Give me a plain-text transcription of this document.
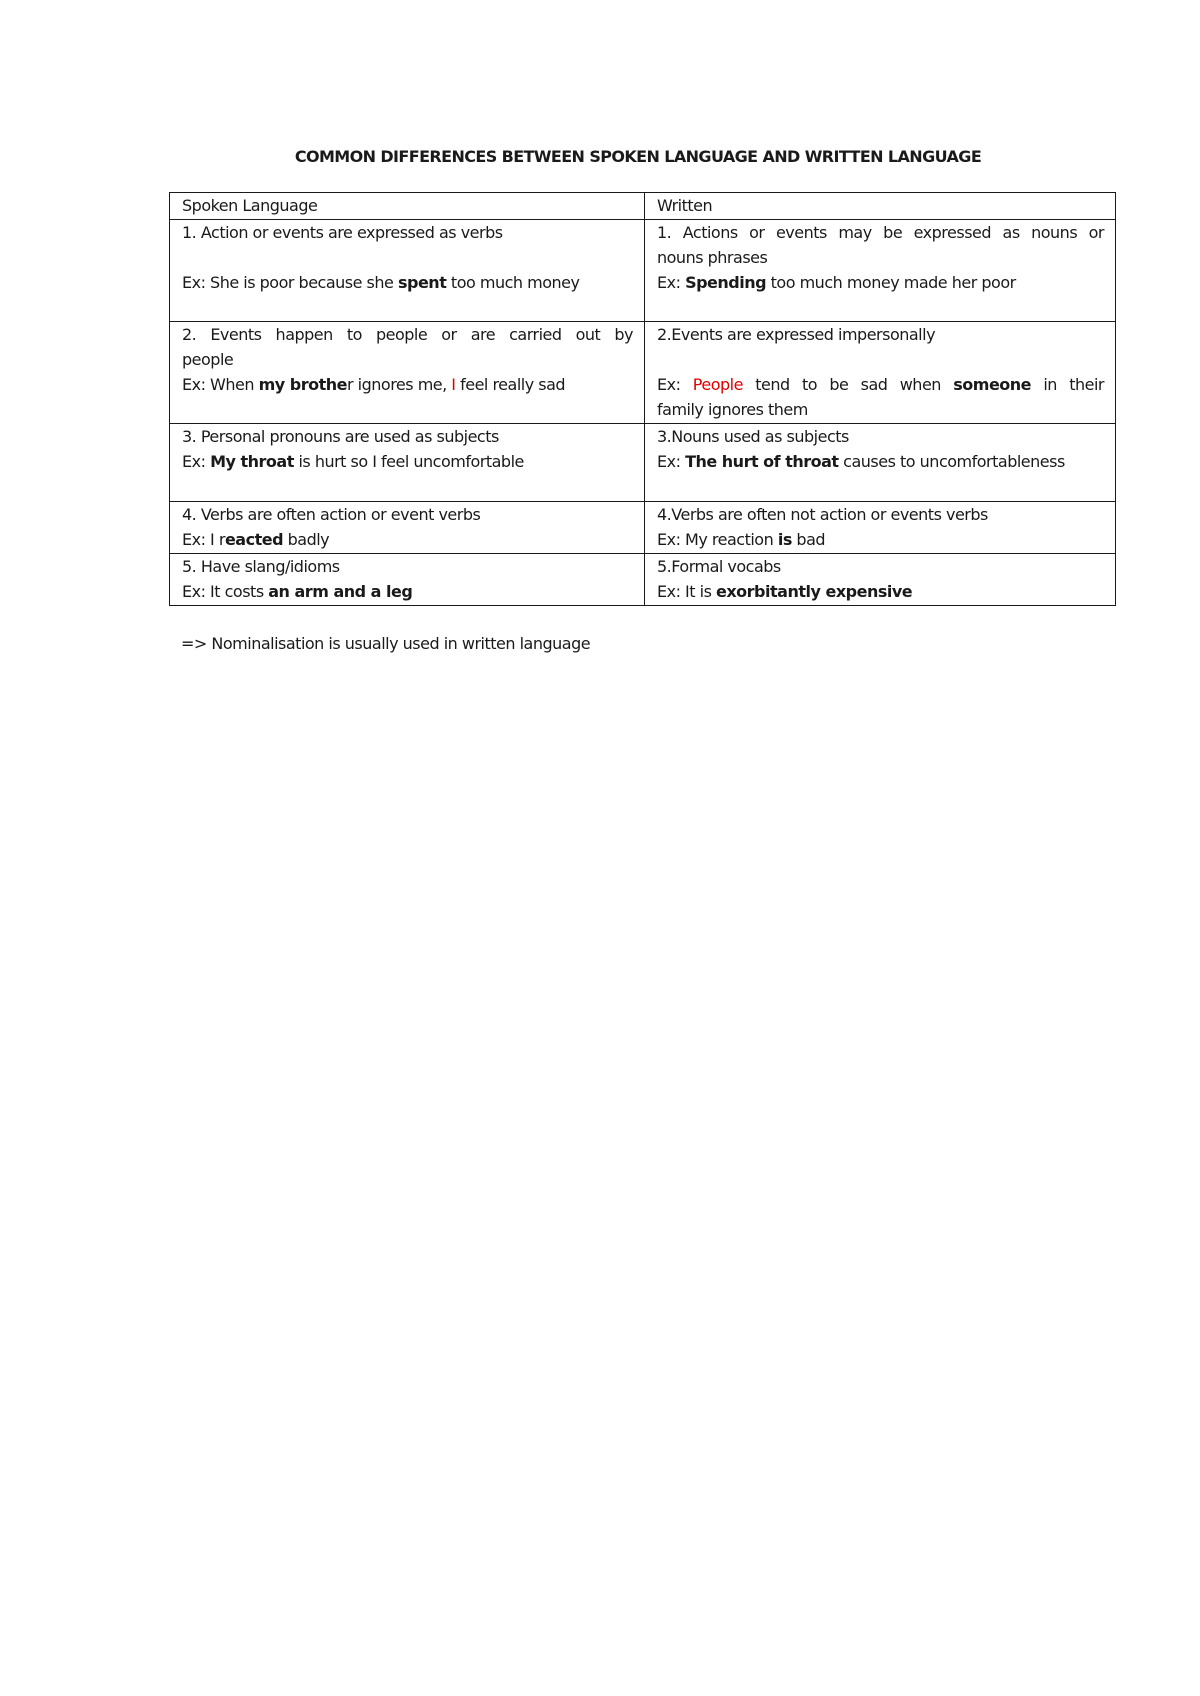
COMMON DIFFERENCES BETWEEN SPOKEN LANGUAGE AND WRITTEN LANGUAGE
Spoken Language	Written

1. Action or events are expressed as verbs
Ex: She is poor because she spent too much money	1. Actions or events may be expressed as nouns or
nouns phrases
Ex: Spending too much money made her poor

2. Events happen to people or are carried out by
people
Ex: When my brother ignores me, I feel really sad	2.Events are expressed impersonally
Ex: People tend to be sad when someone in their
family ignores them

3. Personal pronouns are used as subjects
Ex: My throat is hurt so I feel uncomfortable	3.Nouns used as subjects
Ex: The hurt of throat causes to uncomfortableness

4. Verbs are often action or event verbs
Ex: I reacted badly	4.Verbs are often not action or events verbs
Ex: My reaction is bad

5. Have slang/idioms
Ex: It costs an arm and a leg	5.Formal vocabs
Ex: It is exorbitantly expensive
=> Nominalisation is usually used in written language
